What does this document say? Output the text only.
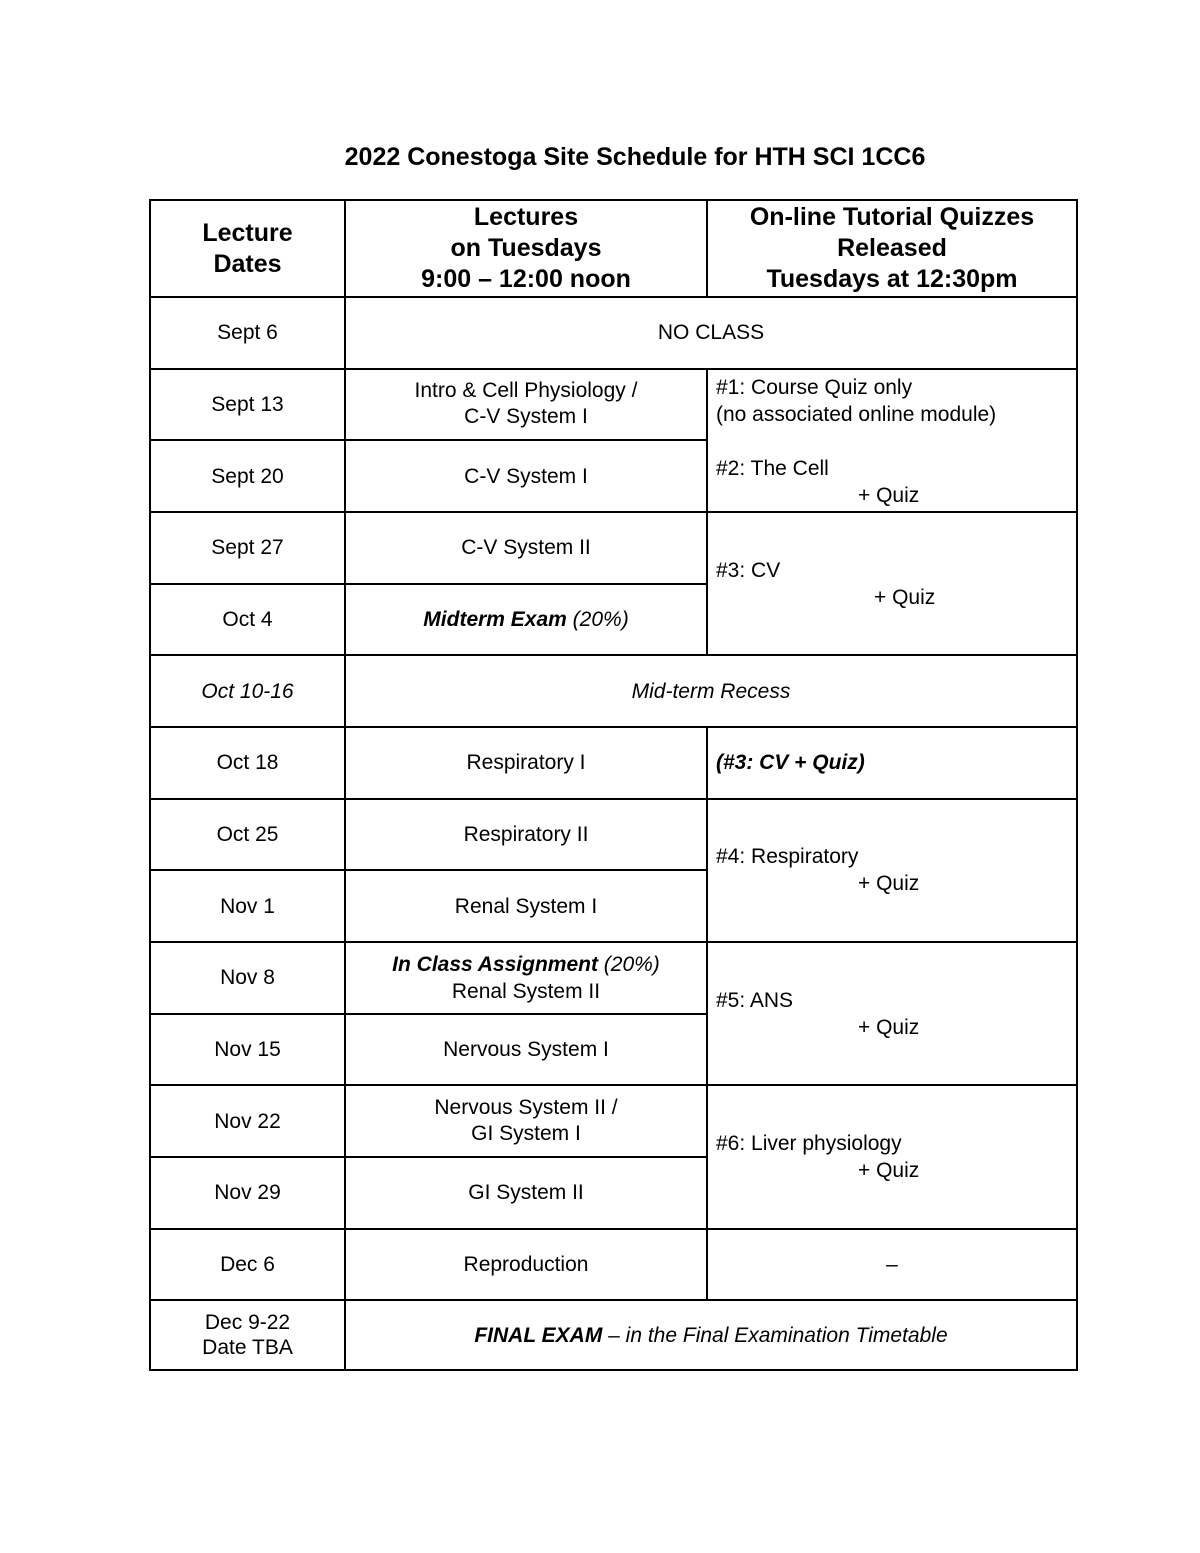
2022 Conestoga Site Schedule for HTH SCI 1CC6
Lecture
Dates
Lectures
on Tuesdays
9:00 – 12:00 noon
On-line Tutorial Quizzes
Released
Tuesdays at 12:30pm
Sept 6
Sept 13
Sept 20
Sept 27
Oct 4
Oct 10-16
Oct 18
Oct 25
Nov 1
Nov 8
Nov 15
Nov 22
Nov 29
Dec 6
Dec 9-22
Date TBA
NO CLASS
Intro & Cell Physiology /
C-V System I
C-V System I
C-V System II
Midterm Exam (20%)
Mid-term Recess
Respiratory I
Respiratory II
Renal System I
In Class Assignment (20%)
Renal System II
Nervous System I
Nervous System II /
GI System I
GI System II
Reproduction
FINAL EXAM – in the Final Examination Timetable
#1: Course Quiz only
(no associated online module)
#2: The Cell
+ Quiz
#3: CV
+ Quiz
(#3: CV + Quiz)
#4: Respiratory
+ Quiz
#5: ANS
+ Quiz
#6: Liver physiology
+ Quiz
–
